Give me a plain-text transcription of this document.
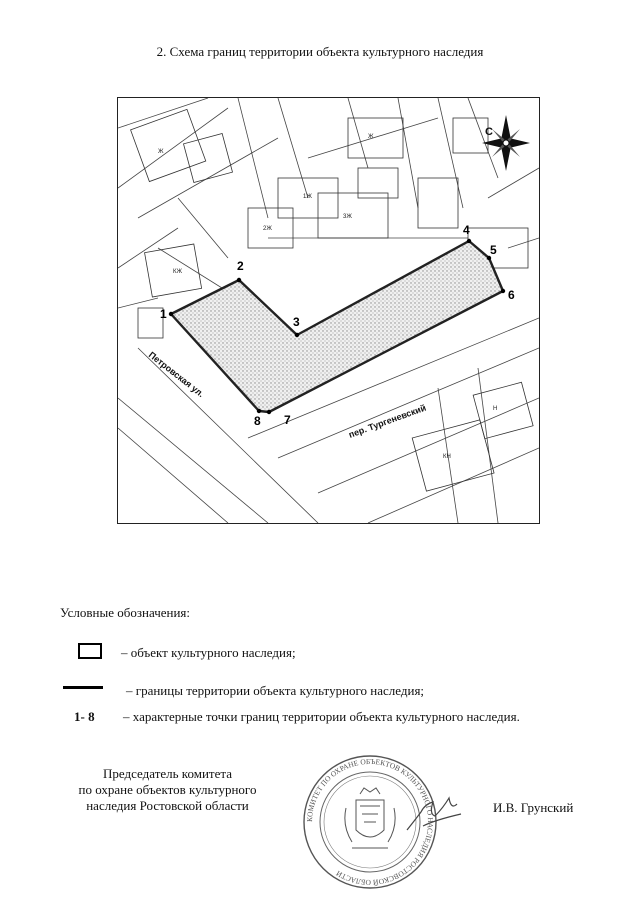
2. Схема границ территории объекта культурного наследия
Ж
КЖ
2Ж
3Ж
1Ж
КН
Н
Ж
1
2
3
4
5
6
7
8
Петровская ул.
пер. Тургеневский
С
Условные обозначения:
– объект культурного наследия;
– границы территории объекта культурного наследия;
1- 8 – характерные точки границ территории объекта культурного наследия.
Председатель комитета
по охране объектов культурного
наследия Ростовской области
КОМИТЕТ ПО ОХРАНЕ ОБЪЕКТОВ КУЛЬТУРНОГО НАСЛЕДИЯ РОСТОВСКОЙ ОБЛАСТИ
И.В. Грунский
